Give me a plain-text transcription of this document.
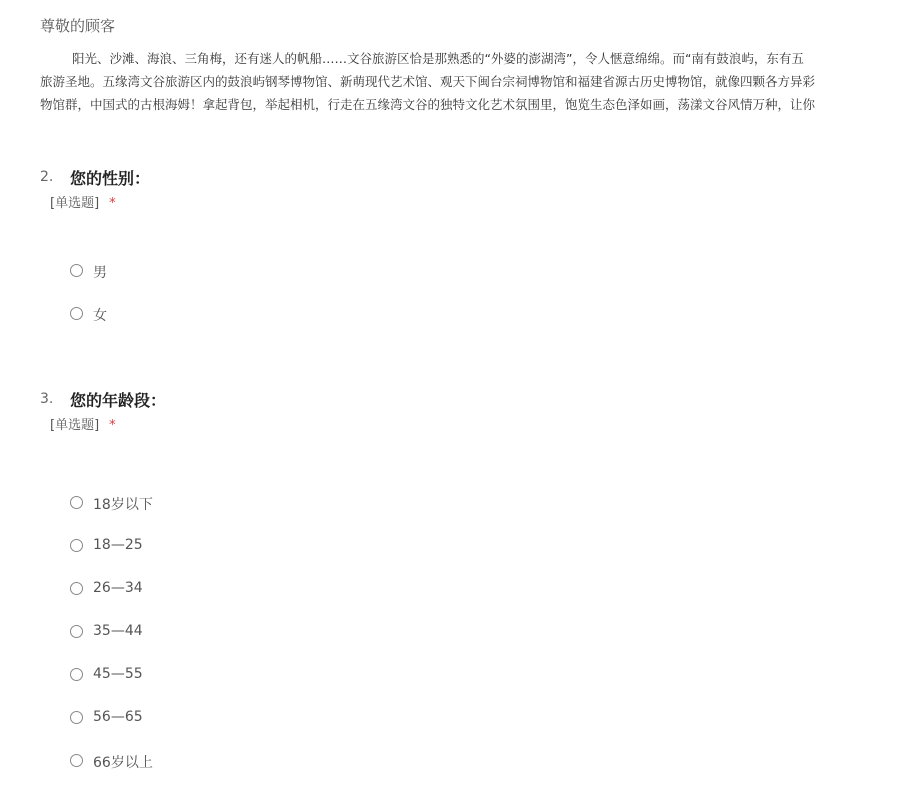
尊敬的顾客
阳光、沙滩、海浪、三角梅，还有迷人的帆船……文谷旅游区恰是那熟悉的“外婆的澎湖湾”，令人惬意绵绵。而“南有鼓浪屿，东有五
旅游圣地。五缘湾文谷旅游区内的鼓浪屿钢琴博物馆、新萌现代艺术馆、观天下闽台宗祠博物馆和福建省源古历史博物馆，就像四颗各方异彩
物馆群，中国式的古根海姆！拿起背包，举起相机，行走在五缘湾文谷的独特文化艺术氛围里，饱览生态色泽如画，荡漾文谷风情万种，让你
2. 您的性别：
[单选题] *
男
女
3. 您的年龄段：
[单选题] *
18岁以下
18—25
26—34
35—44
45—55
56—65
66岁以上
